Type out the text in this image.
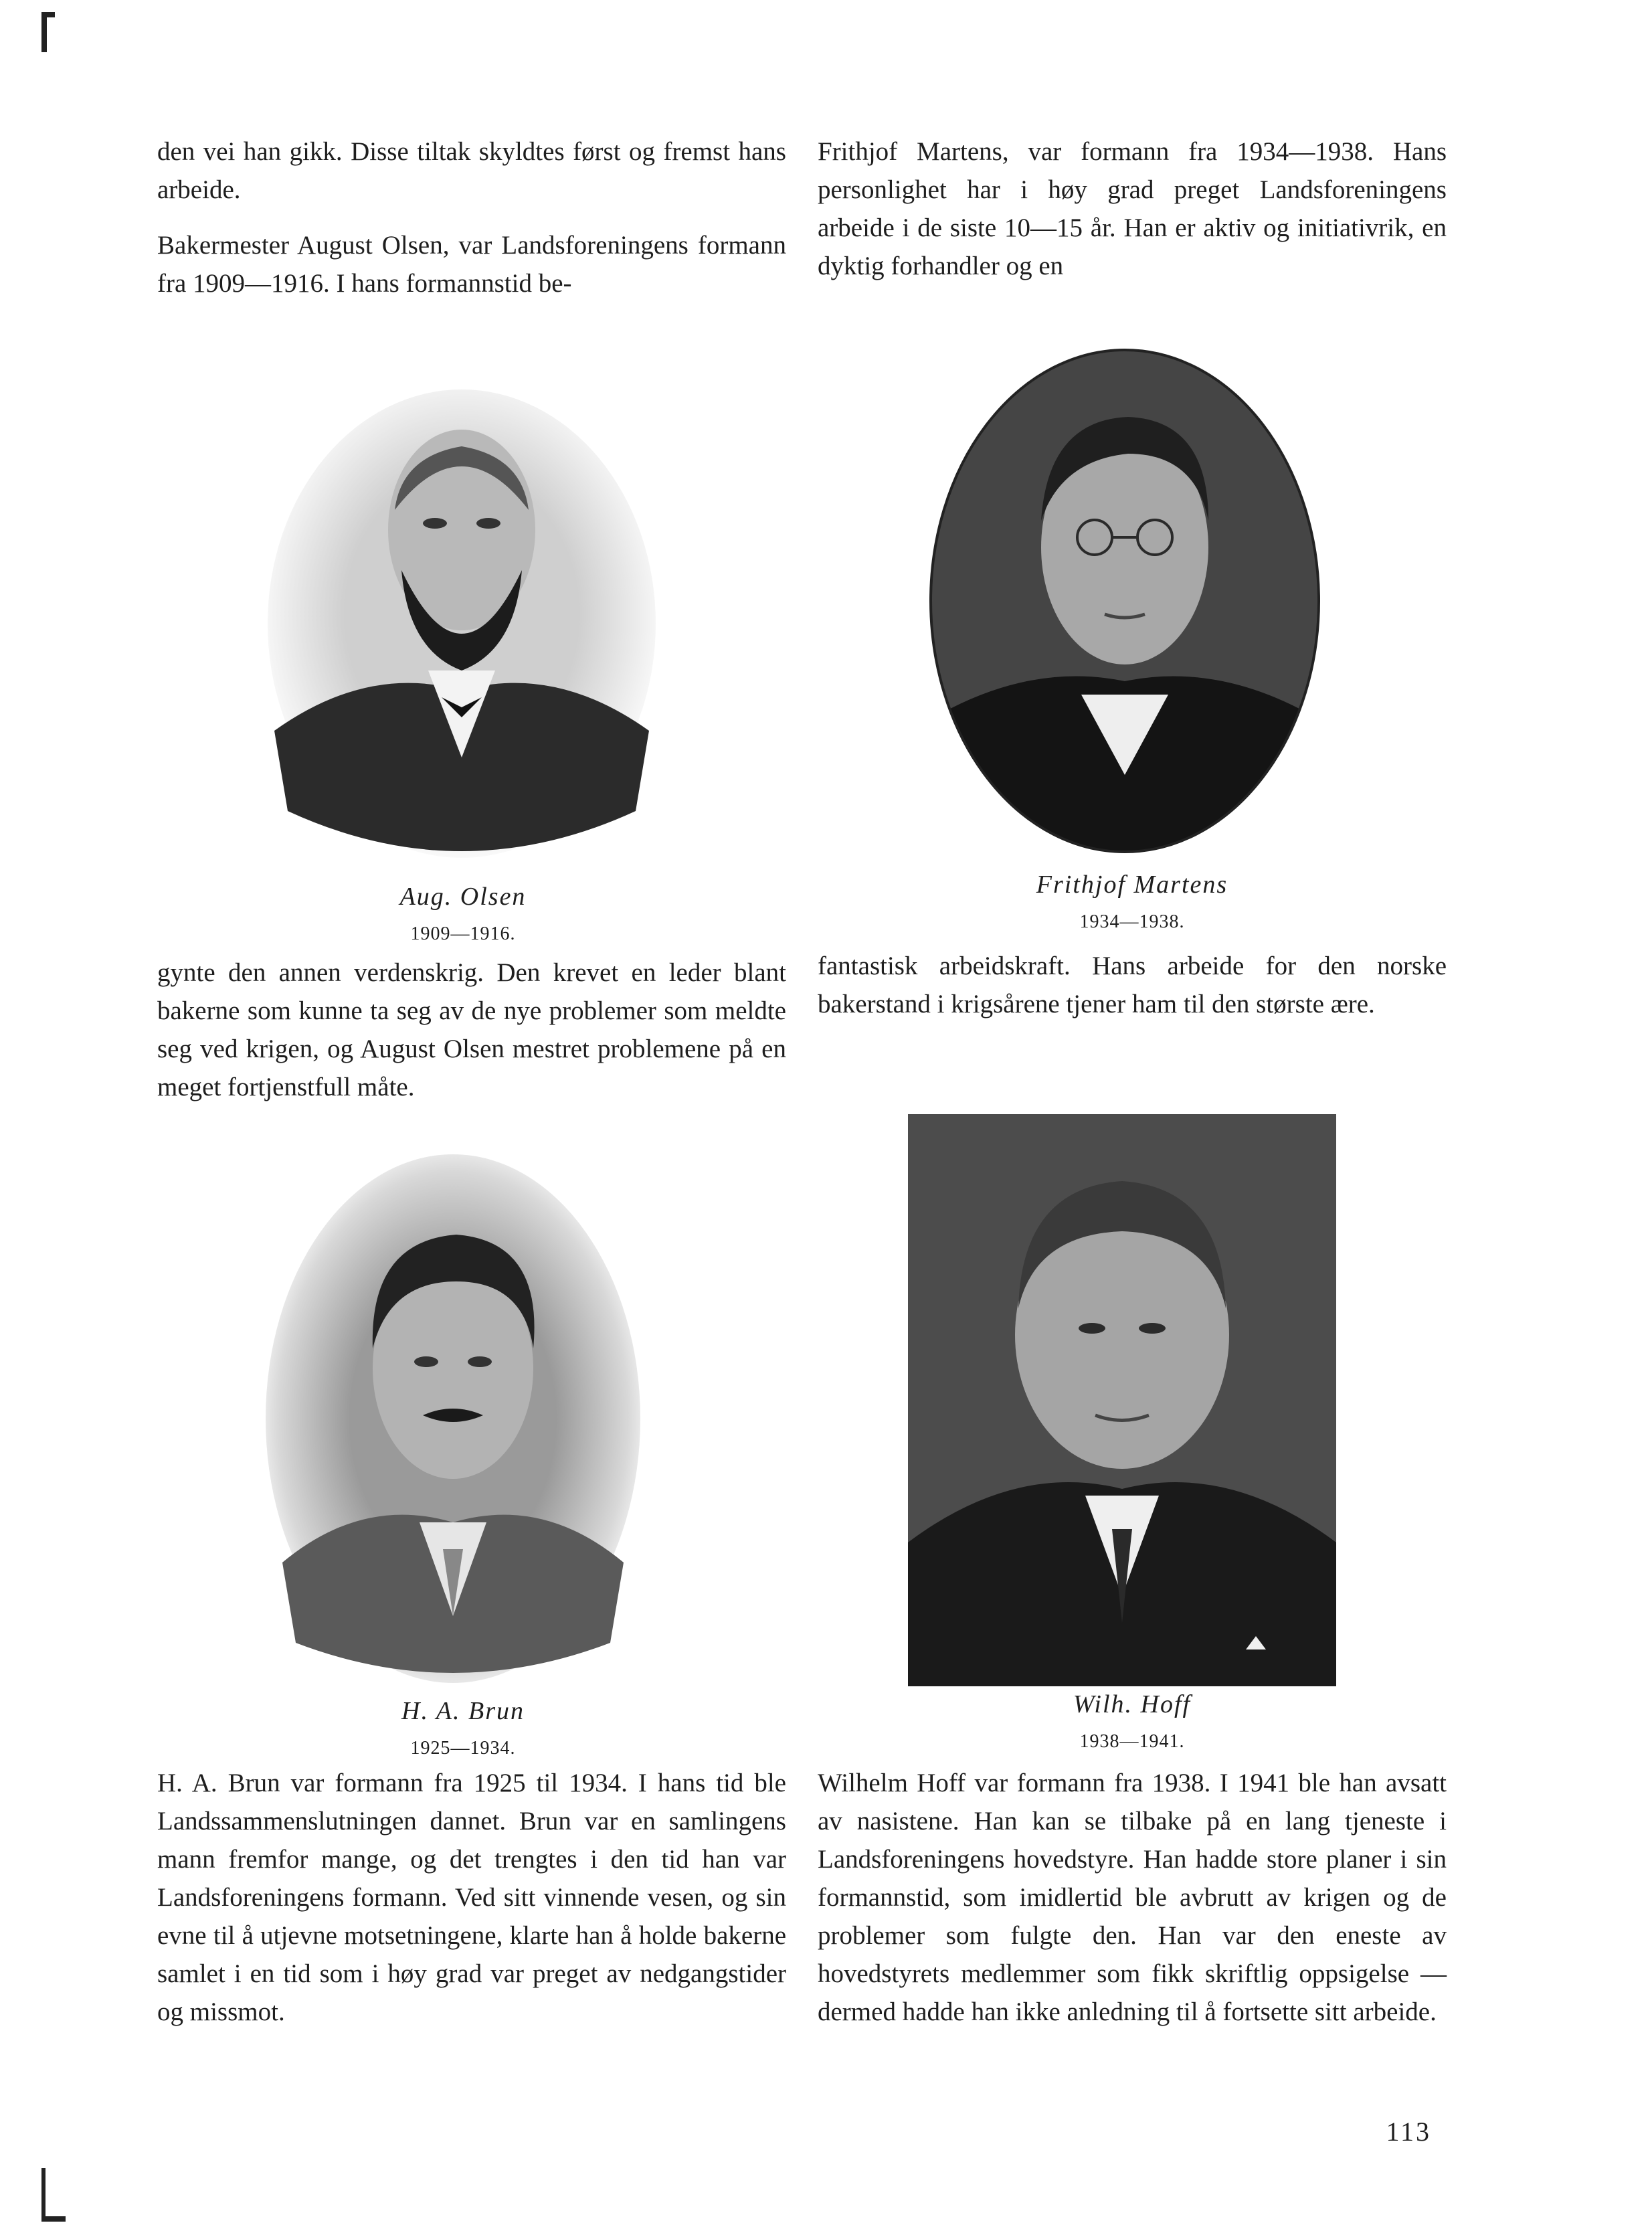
den vei han gikk. Disse tiltak skyldtes først og fremst hans arbeide.

Bakermester August Olsen, var Landsforeningens formann fra 1909—1916. I hans formannstid be-

Frithjof Martens, var formann fra 1934—1938. Hans personlighet har i høy grad preget Landsforeningens arbeide i de siste 10—15 år. Han er aktiv og initiativrik, en dyktig forhandler og en

Aug. Olsen
1909—1916.
Frithjof Martens
1934—1938.

gynte den annen verdenskrig. Den krevet en leder blant bakerne som kunne ta seg av de nye problemer som meldte seg ved krigen, og August Olsen mestret problemene på en meget fortjenstfull måte.

fantastisk arbeidskraft. Hans arbeide for den norske bakerstand i krigsårene tjener ham til den største ære.

H. A. Brun
1925—1934.
Wilh. Hoff
1938—1941.

H. A. Brun var formann fra 1925 til 1934. I hans tid ble Landssammenslutningen dannet. Brun var en samlingens mann fremfor mange, og det trengtes i den tid han var Landsforeningens formann. Ved sitt vinnende vesen, og sin evne til å utjevne motsetningene, klarte han å holde bakerne samlet i en tid som i høy grad var preget av nedgangstider og missmot.

Wilhelm Hoff var formann fra 1938. I 1941 ble han avsatt av nasistene. Han kan se tilbake på en lang tjeneste i Landsforeningens hovedstyre. Han hadde store planer i sin formannstid, som imidlertid ble avbrutt av krigen og de problemer som fulgte den. Han var den eneste av hovedstyrets medlemmer som fikk skriftlig oppsigelse — dermed hadde han ikke anledning til å fortsette sitt arbeide.

113
